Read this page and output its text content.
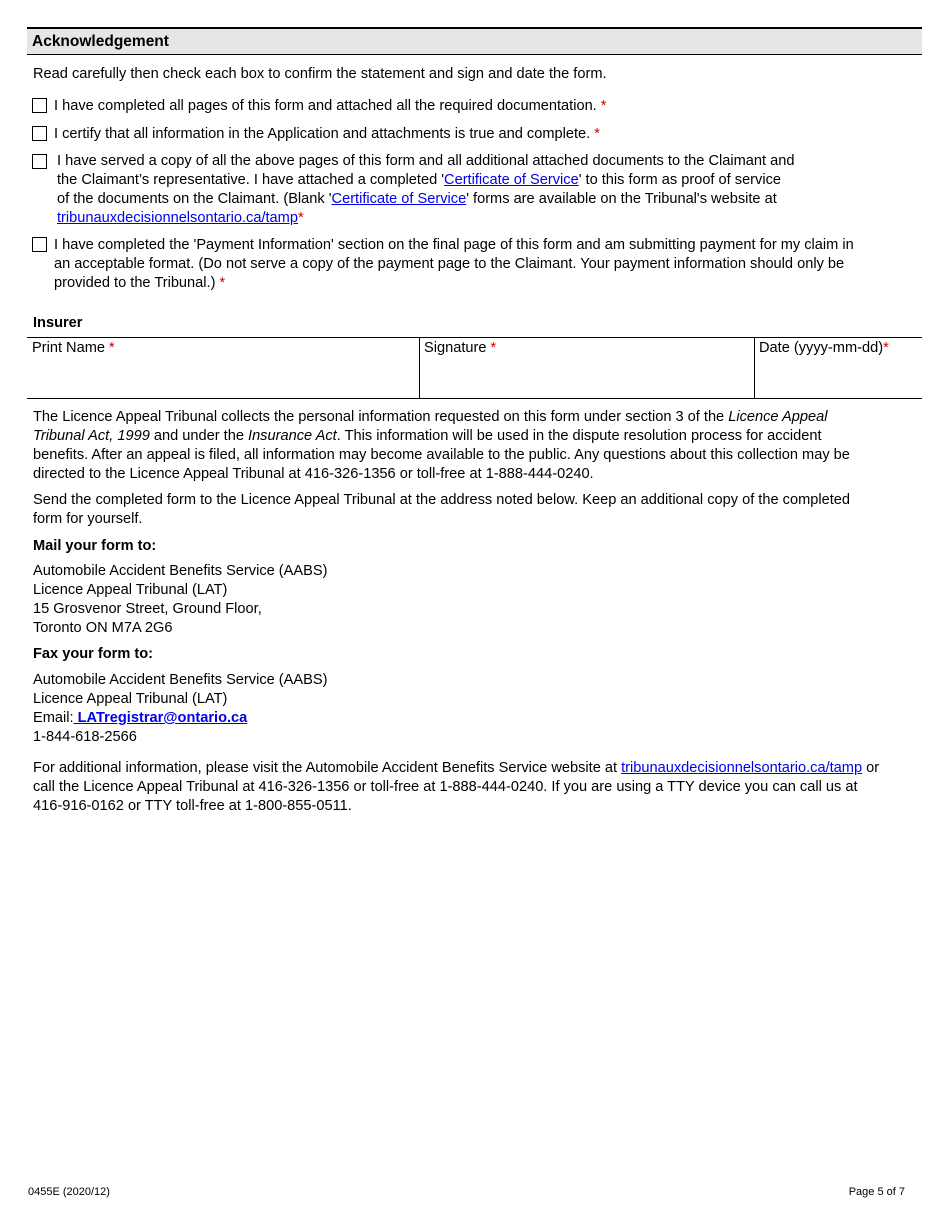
Acknowledgement
Read carefully then check each box to confirm the statement and sign and date the form.
I have completed all pages of this form and attached all the required documentation. *
I certify that all information in the Application and attachments is true and complete. *
I have served a copy of all the above pages of this form and all additional attached documents to the Claimant and
the Claimant’s representative. I have attached a completed 'Certificate of Service' to this form as proof of service
of the documents on the Claimant. (Blank 'Certificate of Service' forms are available on the Tribunal's website at
tribunauxdecisionnelsontario.ca/tamp*
I have completed the 'Payment Information' section on the final page of this form and am submitting payment for my claim in
an acceptable format. (Do not serve a copy of the payment page to the Claimant. Your payment information should only be
provided to the Tribunal.) *
Insurer
Print Name *	Signature *	Date (yyyy-mm-dd)*
The Licence Appeal Tribunal collects the personal information requested on this form under section 3 of the Licence Appeal
Tribunal Act, 1999 and under the Insurance Act. This information will be used in the dispute resolution process for accident
benefits. After an appeal is filed, all information may become available to the public. Any questions about this collection may be
directed to the Licence Appeal Tribunal at 416-326-1356 or toll-free at 1-888-444-0240.
Send the completed form to the Licence Appeal Tribunal at the address noted below. Keep an additional copy of the completed
form for yourself.
Mail your form to:
Automobile Accident Benefits Service (AABS)
Licence Appeal Tribunal (LAT)
15 Grosvenor Street, Ground Floor,
Toronto ON M7A 2G6
Fax your form to:
Automobile Accident Benefits Service (AABS)
Licence Appeal Tribunal (LAT)
Email: LATregistrar@ontario.ca
1-844-618-2566
For additional information, please visit the Automobile Accident Benefits Service website at tribunauxdecisionnelsontario.ca/tamp or
call the Licence Appeal Tribunal at 416-326-1356 or toll-free at 1-888-444-0240. If you are using a TTY device you can call us at
416-916-0162 or TTY toll-free at 1-800-855-0511.
0455E (2020/12)	Page 5 of 7
